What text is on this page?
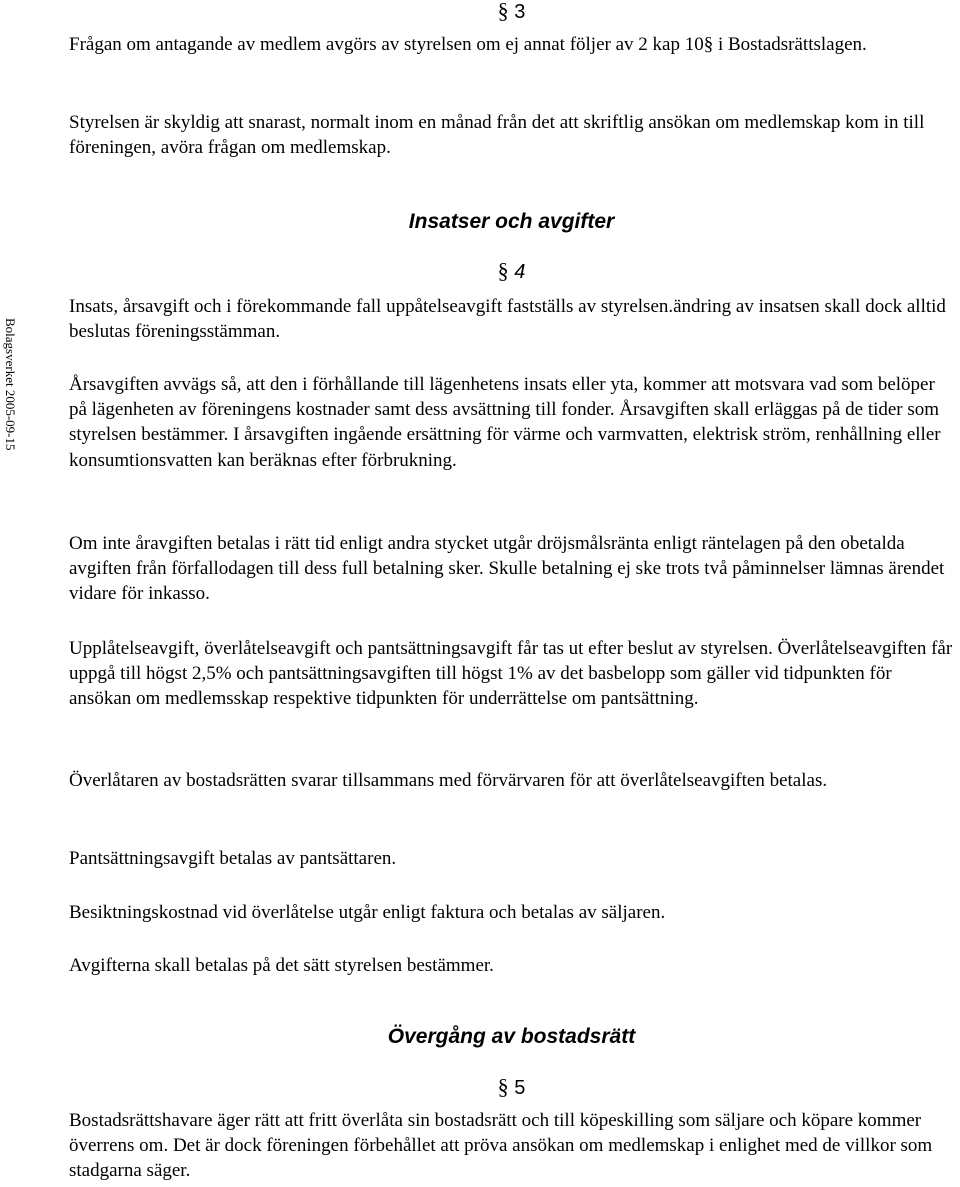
Bolagsverket 2005-09-15
§ 3

Frågan om antagande av medlem avgörs av styrelsen om ej annat följer av 2 kap 10§ i Bostadsrättslagen.

Styrelsen är skyldig att snarast, normalt inom en månad från det att skriftlig ansökan om medlemskap kom in till föreningen, avöra frågan om medlemskap.

Insatser och avgifter
§ 4

Insats, årsavgift och i förekommande fall uppåtelseavgift fastställs av styrelsen.ändring av insatsen skall dock alltid beslutas föreningsstämman.

Årsavgiften avvägs så, att den i förhållande till lägenhetens insats eller yta, kommer att motsvara vad som belöper på lägenheten av föreningens kostnader samt dess avsättning till fonder. Årsavgiften skall erläggas på de tider som styrelsen bestämmer. I årsavgiften ingående ersättning för värme och varmvatten, elektrisk ström, renhållning eller konsumtionsvatten kan beräknas efter förbrukning.

Om inte åravgiften betalas i rätt tid enligt andra stycket utgår dröjsmålsränta enligt räntelagen på den obetalda avgiften från förfallodagen till dess full betalning sker. Skulle betalning ej ske trots två påminnelser lämnas ärendet vidare för inkasso.

Upplåtelseavgift, överlåtelseavgift och pantsättningsavgift får tas ut efter beslut av styrelsen. Överlåtelseavgiften får uppgå till högst 2,5% och pantsättningsavgiften till högst 1% av det basbelopp som gäller vid tidpunkten för ansökan om medlemsskap respektive tidpunkten för underrättelse om pantsättning.

Överlåtaren av bostadsrätten svarar tillsammans med förvärvaren för att överlåtelseavgiften betalas.

Pantsättningsavgift betalas av pantsättaren.

Besiktningskostnad vid överlåtelse utgår enligt faktura och betalas av säljaren.

Avgifterna skall betalas på det sätt styrelsen bestämmer.

Övergång av bostadsrätt
§ 5

Bostadsrättshavare äger rätt att fritt överlåta sin bostadsrätt och till köpeskilling som säljare och köpare kommer överrens om. Det är dock föreningen förbehållet att pröva ansökan om medlemskap i enlighet med de villkor som stadgarna säger.
